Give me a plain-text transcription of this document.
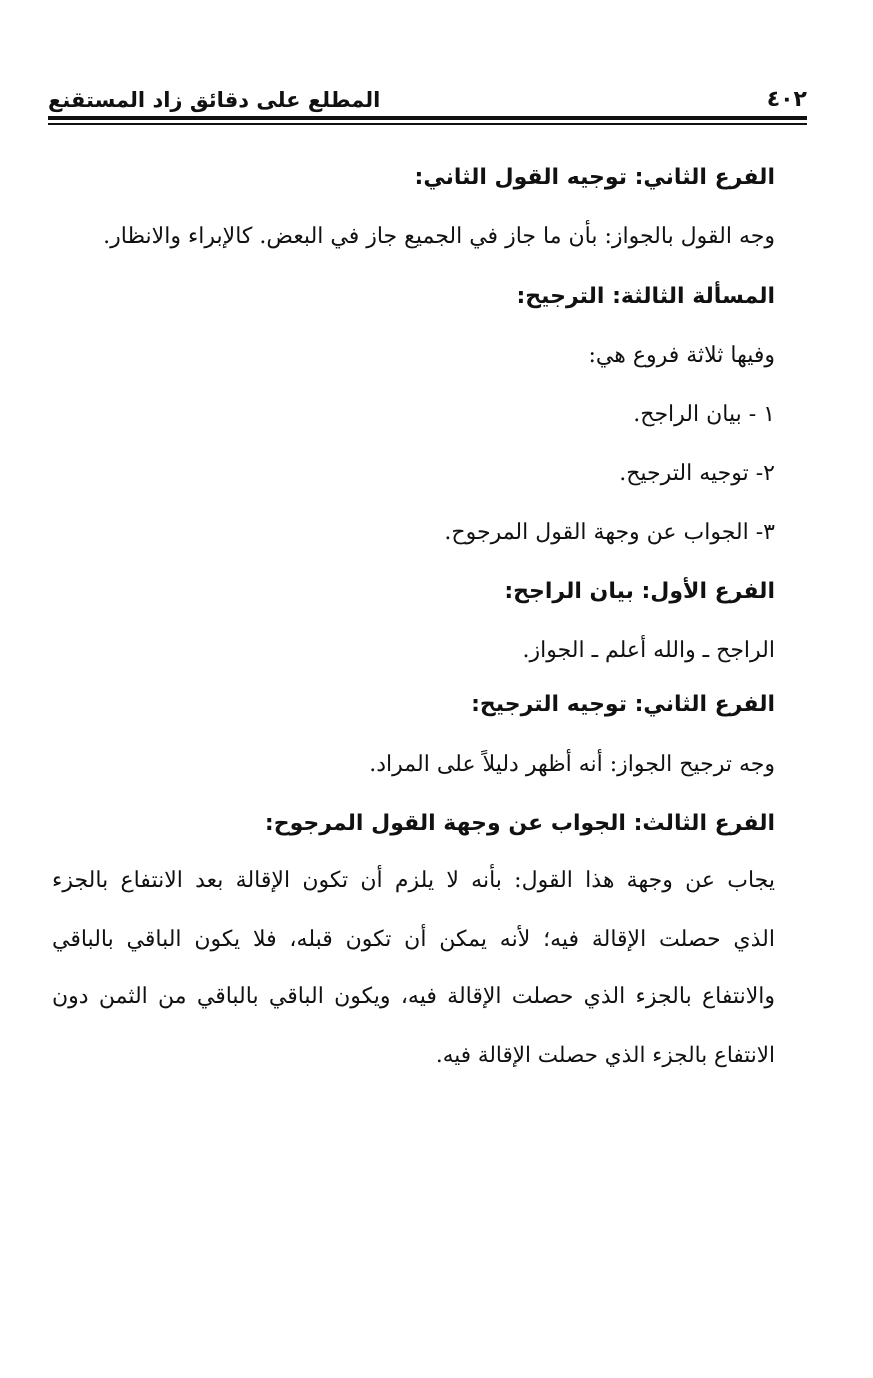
٤٠٢
المطلع على دقائق زاد المستقنع
الفرع الثاني: توجيه القول الثاني:
وجه القول بالجواز: بأن ما جاز في الجميع جاز في البعض. كالإبراء والانظار.
المسألة الثالثة: الترجيح:
وفيها ثلاثة فروع هي:
١ - بيان الراجح.
٢- توجيه الترجيح.
٣- الجواب عن وجهة القول المرجوح.
الفرع الأول: بيان الراجح:
الراجح ـ والله أعلم ـ الجواز.
الفرع الثاني: توجيه الترجيح:
وجه ترجيح الجواز: أنه أظهر دليلاً على المراد.
الفرع الثالث: الجواب عن وجهة القول المرجوح:
يجاب عن وجهة هذا القول: بأنه لا يلزم أن تكون الإقالة بعد الانتفاع بالجزء
الذي حصلت الإقالة فيه؛ لأنه يمكن أن تكون قبله، فلا يكون الباقي بالباقي
والانتفاع بالجزء الذي حصلت الإقالة فيه، ويكون الباقي بالباقي من الثمن دون
الانتفاع بالجزء الذي حصلت الإقالة فيه.
